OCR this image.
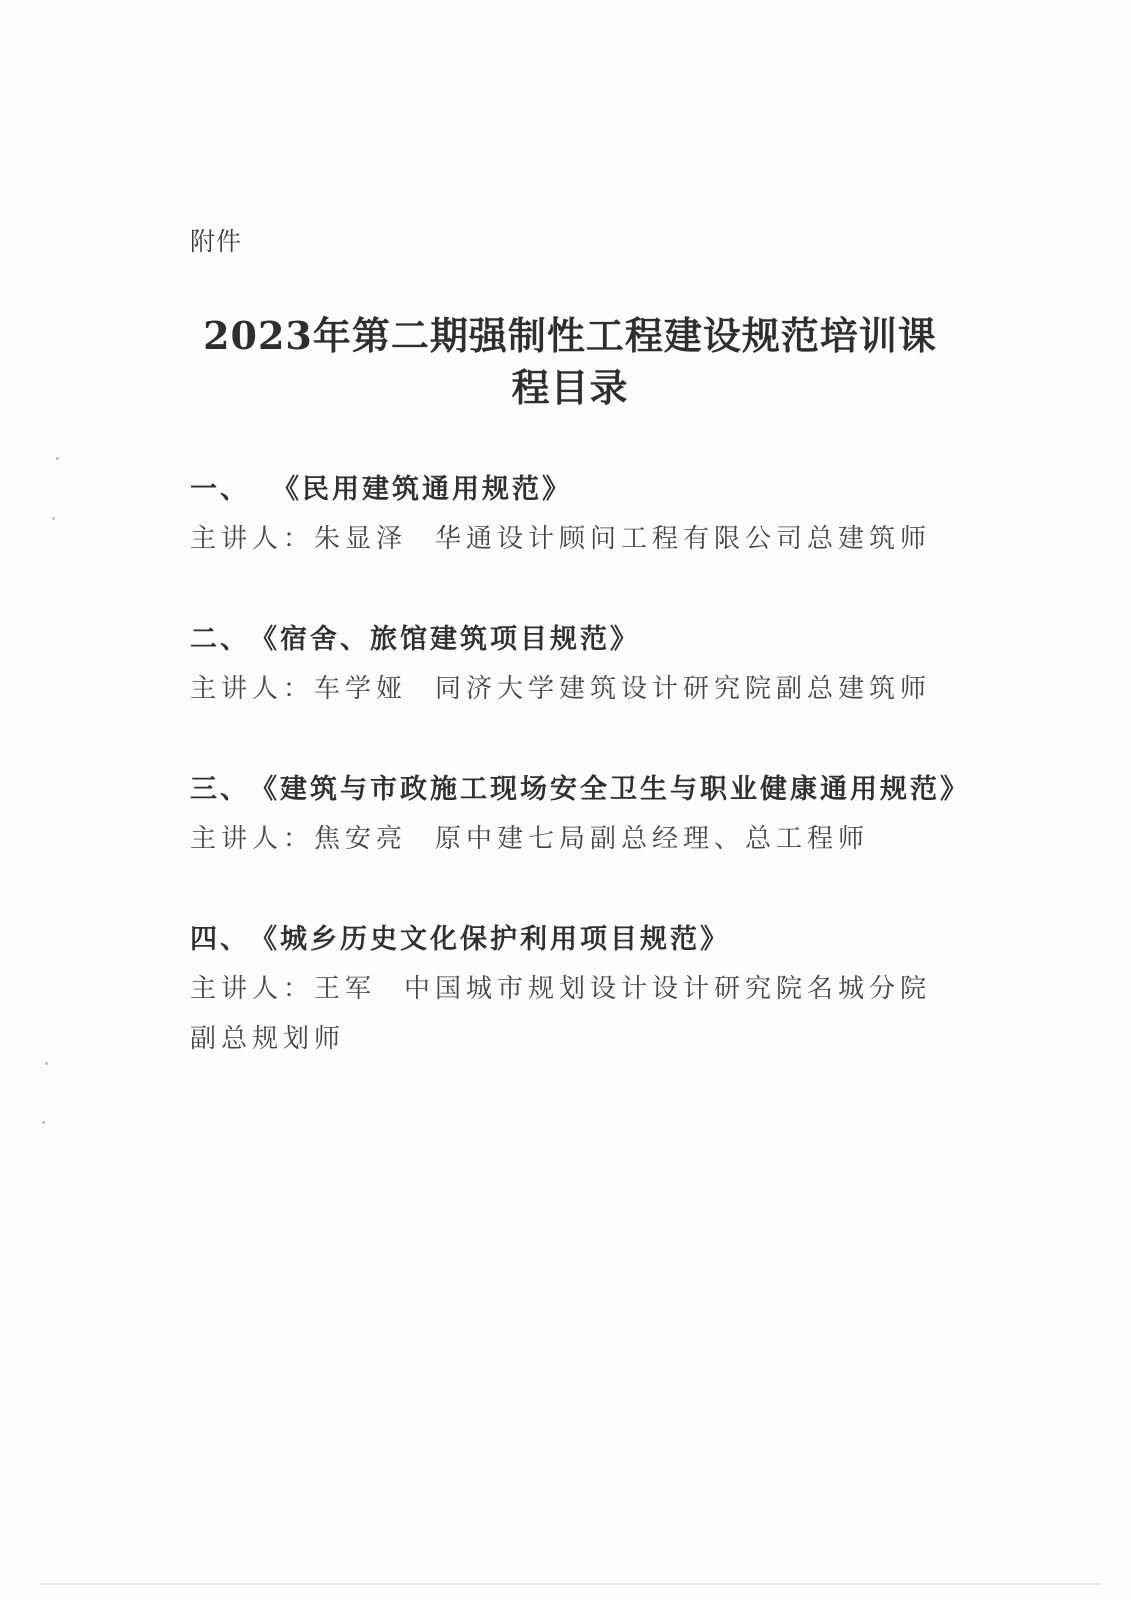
附件
2023年第二期强制性工程建设规范培训课
程目录
一、 《民用建筑通用规范》
主讲人：朱显泽 华通设计顾问工程有限公司总建筑师
二、《宿舍、旅馆建筑项目规范》
主讲人：车学娅 同济大学建筑设计研究院副总建筑师
三、《建筑与市政施工现场安全卫生与职业健康通用规范》
主讲人：焦安亮 原中建七局副总经理、总工程师
四、《城乡历史文化保护利用项目规范》
主讲人：王军 中国城市规划设计设计研究院名城分院副总规划师
